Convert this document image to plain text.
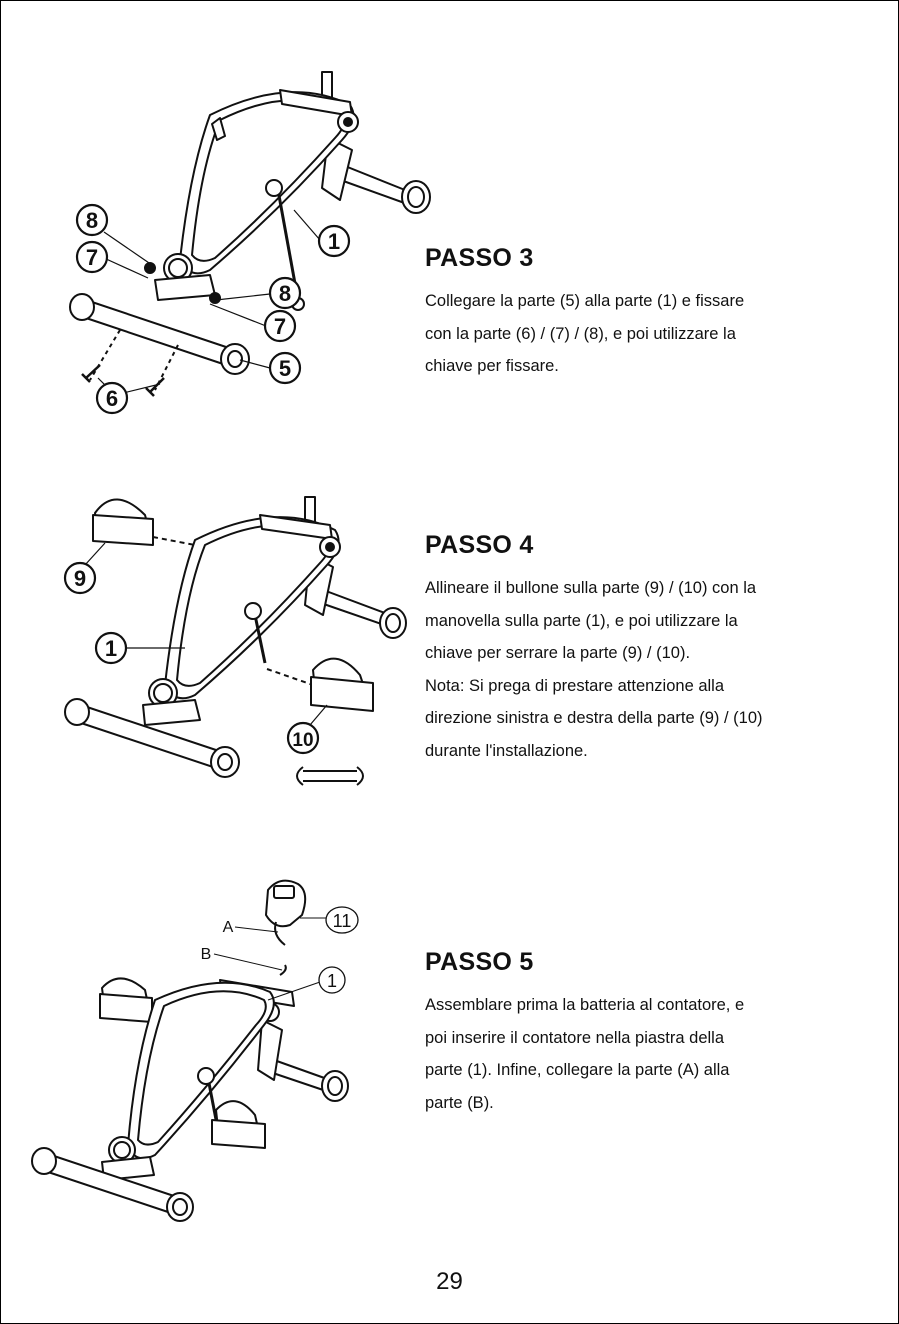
8
7
1
8
7
5
6
PASSO 3

Collegare la parte (5) alla parte (1) e fissare

con la parte (6) / (7) / (8), e poi utilizzare la

chiave per fissare.

9
1
10
PASSO 4

Allineare il bullone sulla parte (9) / (10) con la

manovella sulla parte (1), e poi utilizzare la

chiave per serrare la parte (9) / (10).

Nota: Si prega di prestare attenzione alla

direzione sinistra e destra della parte (9) / (10)

durante l'installazione.

11
1
A
B	PASSO 5

Assemblare prima la batteria al contatore, e

poi inserire il contatore nella piastra della

parte (1). Infine, collegare la parte (A) alla

parte (B).

29
